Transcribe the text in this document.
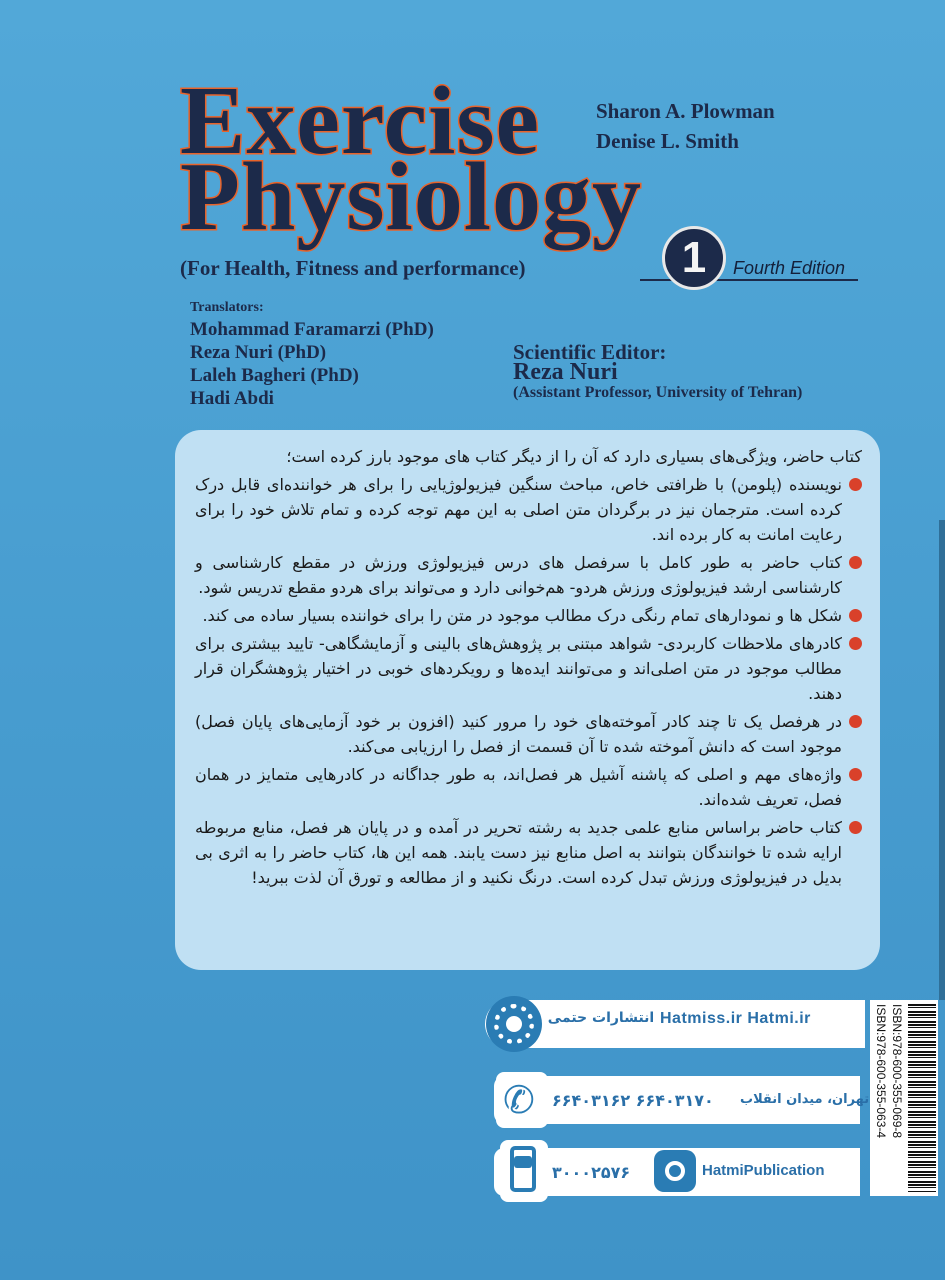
Exercise
Physiology
Sharon A. Plowman
Denise L. Smith
(For Health, Fitness and performance)	1	Fourth Edition
Translators:
Mohammad Faramarzi (PhD)
Reza Nuri (PhD)
Laleh Bagheri (PhD)
Hadi Abdi
Scientific Editor:
Reza Nuri
(Assistant Professor, University of Tehran)

کتاب حاضر، ویژگی‌های بسیاری دارد که آن را از دیگر کتاب های موجود بارز کرده است؛

نویسنده (پلومن) با ظرافتی خاص، مباحث سنگین فیزیولوژیایی را برای هر خواننده‌ای قابل درک کرده است. مترجمان نیز در برگردان متن اصلی به این مهم توجه کرده و تمام تلاش خود را برای رعایت امانت به کار برده اند.

کتاب حاضر به طور کامل با سرفصل های درس فیزیولوژی ورزش در مقطع کارشناسی و کارشناسی ارشد فیزیولوژی ورزش هردو- هم‌خوانی دارد و می‌تواند برای هردو مقطع تدریس شود.

شکل ها و نمودارهای تمام رنگی درک مطالب موجود در متن را برای خواننده بسیار ساده می کند.

کادرهای ملاحظات کاربردی- شواهد مبتنی بر پژوهش‌های بالینی و آزمایشگاهی- تایید بیشتری برای مطالب موجود در متن اصلی‌اند و می‌توانند ایده‌ها و رویکردهای خوبی در اختیار پژوهشگران قرار دهند.

در هرفصل یک تا چند کادر آموخته‌های خود را مرور کنید (افزون بر خود آزمایی‌های پایان فصل) موجود است که دانش آموخته شده تا آن قسمت از فصل را ارزیابی می‌کند.

واژه‌های مهم و اصلی که پاشنه آشیل هر فصل‌اند، به طور جداگانه در کادرهایی متمایز در همان فصل، تعریف شده‌اند.

کتاب حاضر براساس منابع علمی جدید به رشته تحریر در آمده و در پایان هر فصل، منابع مربوطه ارایه شده تا خوانندگان بتوانند به اصل منابع نیز دست یابند. همه این ها، کتاب حاضر را به اثری بی بدیل در فیزیولوژی ورزش تبدل کرده است. درنگ نکنید و از مطالعه و تورق آن لذت ببرید!

انتشارات حتمی Hatmiss.ir Hatmi.ir
✆ ۶۶۴۰۳۱۶۲ ۶۶۴۰۳۱۷۰ تهران، میدان انقلاب
۳۰۰۰۲۵۷۶	HatmiPublication
ISBN:978-600-355-063-4 ISBN:978-600-355-069-8
